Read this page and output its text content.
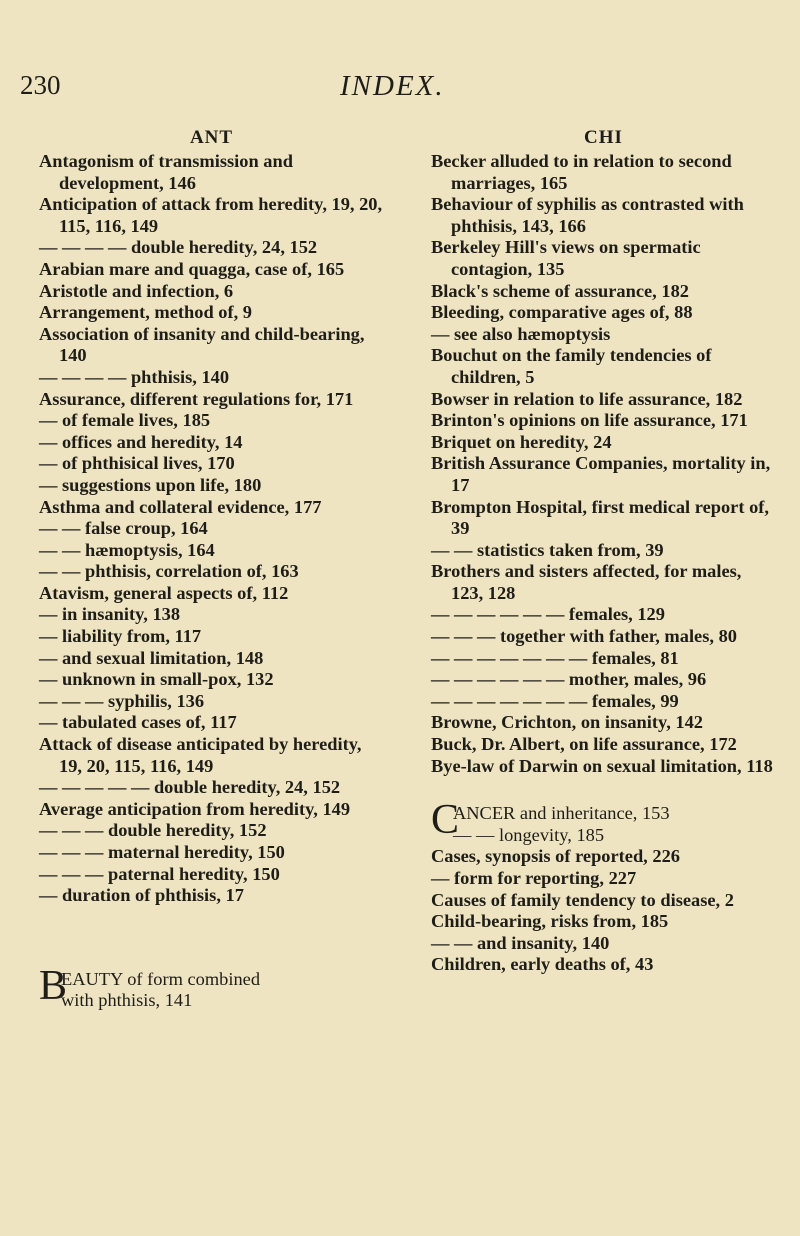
230	INDEX.
ANT
Antagonism of transmission and development, 146
Anticipation of attack from heredity, 19, 20, 115, 116, 149
— — — — double heredity, 24, 152
Arabian mare and quagga, case of, 165
Aristotle and infection, 6
Arrangement, method of, 9
Association of insanity and child-bearing, 140
— — — — phthisis, 140
Assurance, different regulations for, 171
— of female lives, 185
— offices and heredity, 14
— of phthisical lives, 170
— suggestions upon life, 180
Asthma and collateral evidence, 177
— — false croup, 164
— — hæmoptysis, 164
— — phthisis, correlation of, 163
Atavism, general aspects of, 112
— in insanity, 138
— liability from, 117
— and sexual limitation, 148
— unknown in small-pox, 132
— — — syphilis, 136
— tabulated cases of, 117
Attack of disease anticipated by heredity, 19, 20, 115, 116, 149
— — — — — double heredity, 24, 152
Average anticipation from heredity, 149
— — — double heredity, 152
— — — maternal heredity, 150
— — — paternal heredity, 150
— duration of phthisis, 17
B
EAUTY of form combined
with phthisis, 141
CHI
Becker alluded to in relation to second marriages, 165
Behaviour of syphilis as contrasted with phthisis, 143, 166
Berkeley Hill's views on spermatic contagion, 135
Black's scheme of assurance, 182
Bleeding, comparative ages of, 88
— see also hæmoptysis
Bouchut on the family tendencies of children, 5
Bowser in relation to life assurance, 182
Brinton's opinions on life assurance, 171
Briquet on heredity, 24
British Assurance Companies, mortality in, 17
Brompton Hospital, first medical report of, 39
— — statistics taken from, 39
Brothers and sisters affected, for males, 123, 128
— — — — — — females, 129
— — — together with father, males, 80
— — — — — — — females, 81
— — — — — — mother, males, 96
— — — — — — — females, 99
Browne, Crichton, on insanity, 142
Buck, Dr. Albert, on life assurance, 172
Bye-law of Darwin on sexual limitation, 118
C
ANCER and inheritance, 153
— — longevity, 185
Cases, synopsis of reported, 226
— form for reporting, 227
Causes of family tendency to disease, 2
Child-bearing, risks from, 185
— — and insanity, 140
Children, early deaths of, 43
